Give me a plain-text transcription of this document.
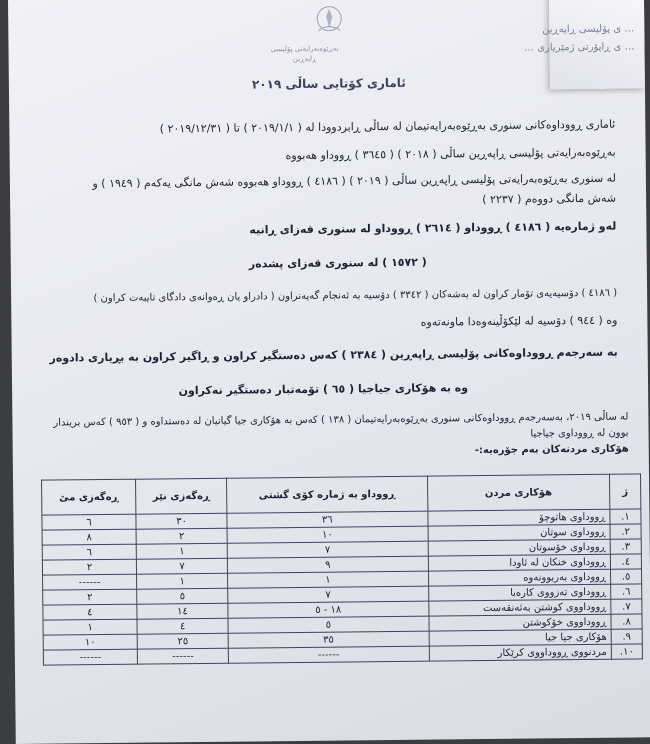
… ی پۆلیسی ڕاپەڕین
… ی ڕاپۆرتی ژمێریاری …
بەڕێوەبەرایەتی پۆلیسی ڕاپەڕین
ئاماری کۆتایی ساڵی ٢٠١٩
ئاماری ڕووداوەکانی سنوری بەڕێوەبەرایەتیمان لە ساڵی ڕابردوودا لە ( ٢٠١٩/١/١ ) تا ( ٢٠١٩/١٢/٣١ )
بەڕێوەبەرایەتی پۆلیسی ڕاپەڕین ساڵی ( ٢٠١٨ ) ( ٣٦٤٥ ) ڕووداو هەبووە
لە سنوری بەڕێوەبەرایەتی پۆلیسی ڕاپەڕین ساڵی ( ٢٠١٩ ) ( ٤١٨٦ ) ڕووداو هەبووە شەش مانگی یەکەم ( ١٩٤٩ ) و
شەش مانگی دووەم ( ٢٢٣٧ )
لەو ژمارەیە ( ٤١٨٦ ) ڕووداو ( ٢٦١٤ ) ڕووداو لە سنوری قەزای ڕانیە
( ١٥٧٢ ) لە سنوری قەزای پشدەر
( ٤١٨٦ ) دۆسیەیەی تۆمار کراون لە بەشەکان ( ٣٣٤٢ ) دۆسیە بە ئەنجام گەیەنراون ( دادراو یان ڕەوانەی دادگای تایبەت کراون )
وە ( ٩٤٤ ) دۆسیە لە لێکۆڵینەوەدا ماونەتەوە
بە سەرجەم ڕووداوەکانی پۆلیسی ڕاپەڕین ( ٢٣٨٤ ) کەس دەستگیر کراون و ڕاگیر کراون بە بڕیاری دادوەر
وە بە هۆکاری جیاجیا ( ٦٥ ) تۆمەتبار دەستگیر نەکراون
لە ساڵی ٢٠١٩، بەسەرجەم ڕووداوەکانی سنوری بەڕێوەبەرایەتیمان ( ١٣٨ ) کەس بە هۆکاری جیا گیانیان لە دەستداوە و ( ٩٥٣ ) کەس بریندار
بوون لە ڕووداوی جیاجیا
هۆکاری مردنەکان بەم جۆرەیە:-
ژ	هۆکاری مردن	ڕووداو بە ژمارە کۆی گشتی	ڕەگەزی نێر	ڕەگەزی مێ
١.	ڕووداوی هاتوچۆ	٣٦	٣٠	٦
٢.	ڕووداوی سوتان	١٠	٢	٨
٣.	ڕووداوی خۆسوتان	٧	١	٦
٤.	ڕووداوی خنکان لە ئاودا	٩	٧	٢
٥.	ڕووداوی بەربوونەوە	١	١	------
٦.	ڕووداوی تەزووی کارەبا	٧	٥	٢
٧.	ڕووداووی کوشتن بەئەنقەست	١٨ - ٥	١٤	٤
٨.	ڕووداووی خۆکوشتن	٥	٤	١
٩.	هۆکاری جیا جیا	٣٥	٢٥	١٠
١٠.	مردنووی ڕووداووی کرێکار	------	------	------
